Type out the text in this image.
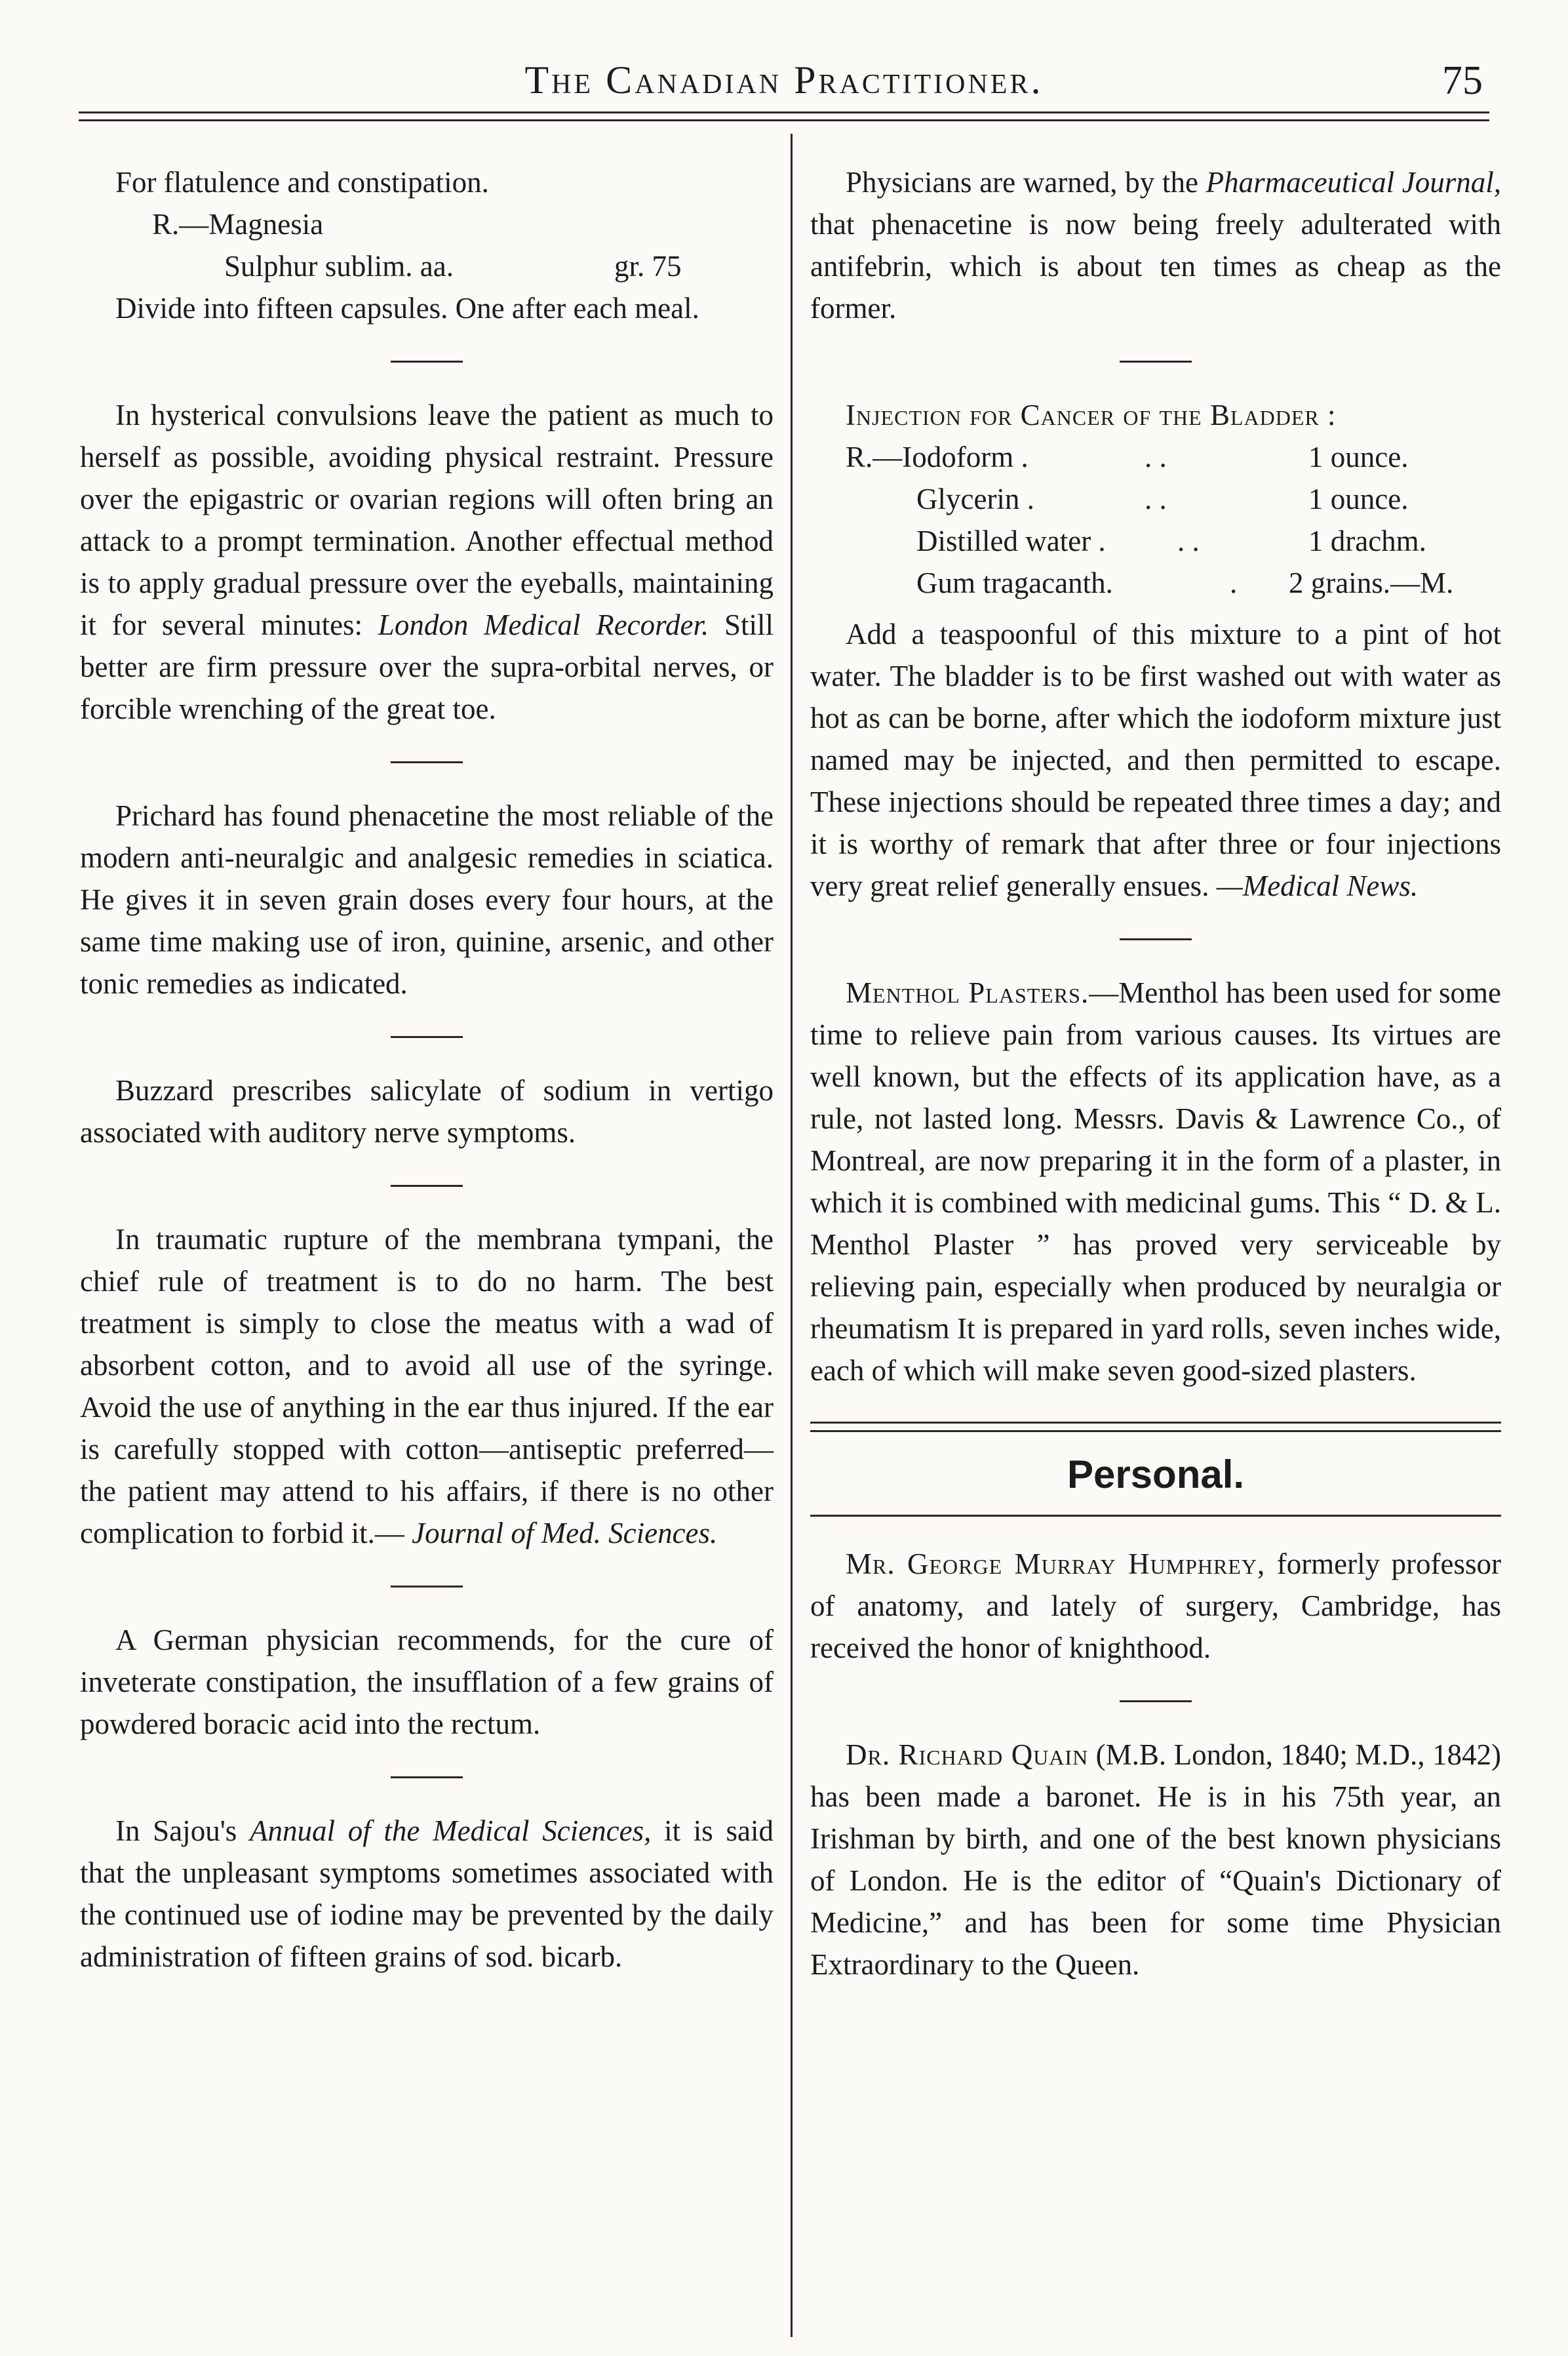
The Canadian Practitioner.	75

For flatulence and constipation.

R.—Magnesia
Sulphur sublim. aa.	gr. 75

Divide into fifteen capsules. One after each meal.

In hysterical convulsions leave the patient as much to herself as possible, avoiding physical restraint. Pressure over the epigastric or ovarian regions will often bring an attack to a prompt termination. Another effectual method is to apply gradual pressure over the eyeballs, maintaining it for several minutes: London Medical Recorder. Still better are firm pressure over the supra-orbital nerves, or forcible wrenching of the great toe.

Prichard has found phenacetine the most reliable of the modern anti-neuralgic and analgesic remedies in sciatica. He gives it in seven grain doses every four hours, at the same time making use of iron, quinine, arsenic, and other tonic remedies as indicated.

Buzzard prescribes salicylate of sodium in vertigo associated with auditory nerve symptoms.

In traumatic rupture of the membrana tympani, the chief rule of treatment is to do no harm. The best treatment is simply to close the meatus with a wad of absorbent cotton, and to avoid all use of the syringe. Avoid the use of anything in the ear thus injured. If the ear is carefully stopped with cotton—antiseptic preferred—the patient may attend to his affairs, if there is no other complication to forbid it.— Journal of Med. Sciences.

A German physician recommends, for the cure of inveterate constipation, the insufflation of a few grains of powdered boracic acid into the rectum.

In Sajou's Annual of the Medical Sciences, it is said that the unpleasant symptoms sometimes associated with the continued use of iodine may be prevented by the daily administration of fifteen grains of sod. bicarb.

Physicians are warned, by the Pharmaceutical Journal, that phenacetine is now being freely adulterated with antifebrin, which is about ten times as cheap as the former.

Injection for Cancer of the Bladder :

R.—Iodoform .	. .	1 ounce.
Glycerin .	. .	1 ounce.
Distilled water . . .	1 drachm.
Gum tragacanth.	. 2 grains.—M.

Add a teaspoonful of this mixture to a pint of hot water. The bladder is to be first washed out with water as hot as can be borne, after which the iodoform mixture just named may be injected, and then permitted to escape. These injections should be repeated three times a day; and it is worthy of remark that after three or four injections very great relief generally ensues. —Medical News.

Menthol Plasters.—Menthol has been used for some time to relieve pain from various causes. Its virtues are well known, but the effects of its application have, as a rule, not lasted long. Messrs. Davis & Lawrence Co., of Montreal, are now preparing it in the form of a plaster, in which it is combined with medicinal gums. This “ D. & L. Menthol Plaster ” has proved very serviceable by relieving pain, especially when produced by neuralgia or rheumatism It is prepared in yard rolls, seven inches wide, each of which will make seven good-sized plasters.

Personal.

Mr. George Murray Humphrey, formerly professor of anatomy, and lately of surgery, Cambridge, has received the honor of knighthood.

Dr. Richard Quain (M.B. London, 1840; M.D., 1842) has been made a baronet. He is in his 75th year, an Irishman by birth, and one of the best known physicians of London. He is the editor of “Quain's Dictionary of Medicine,” and has been for some time Physician Extraordinary to the Queen.
